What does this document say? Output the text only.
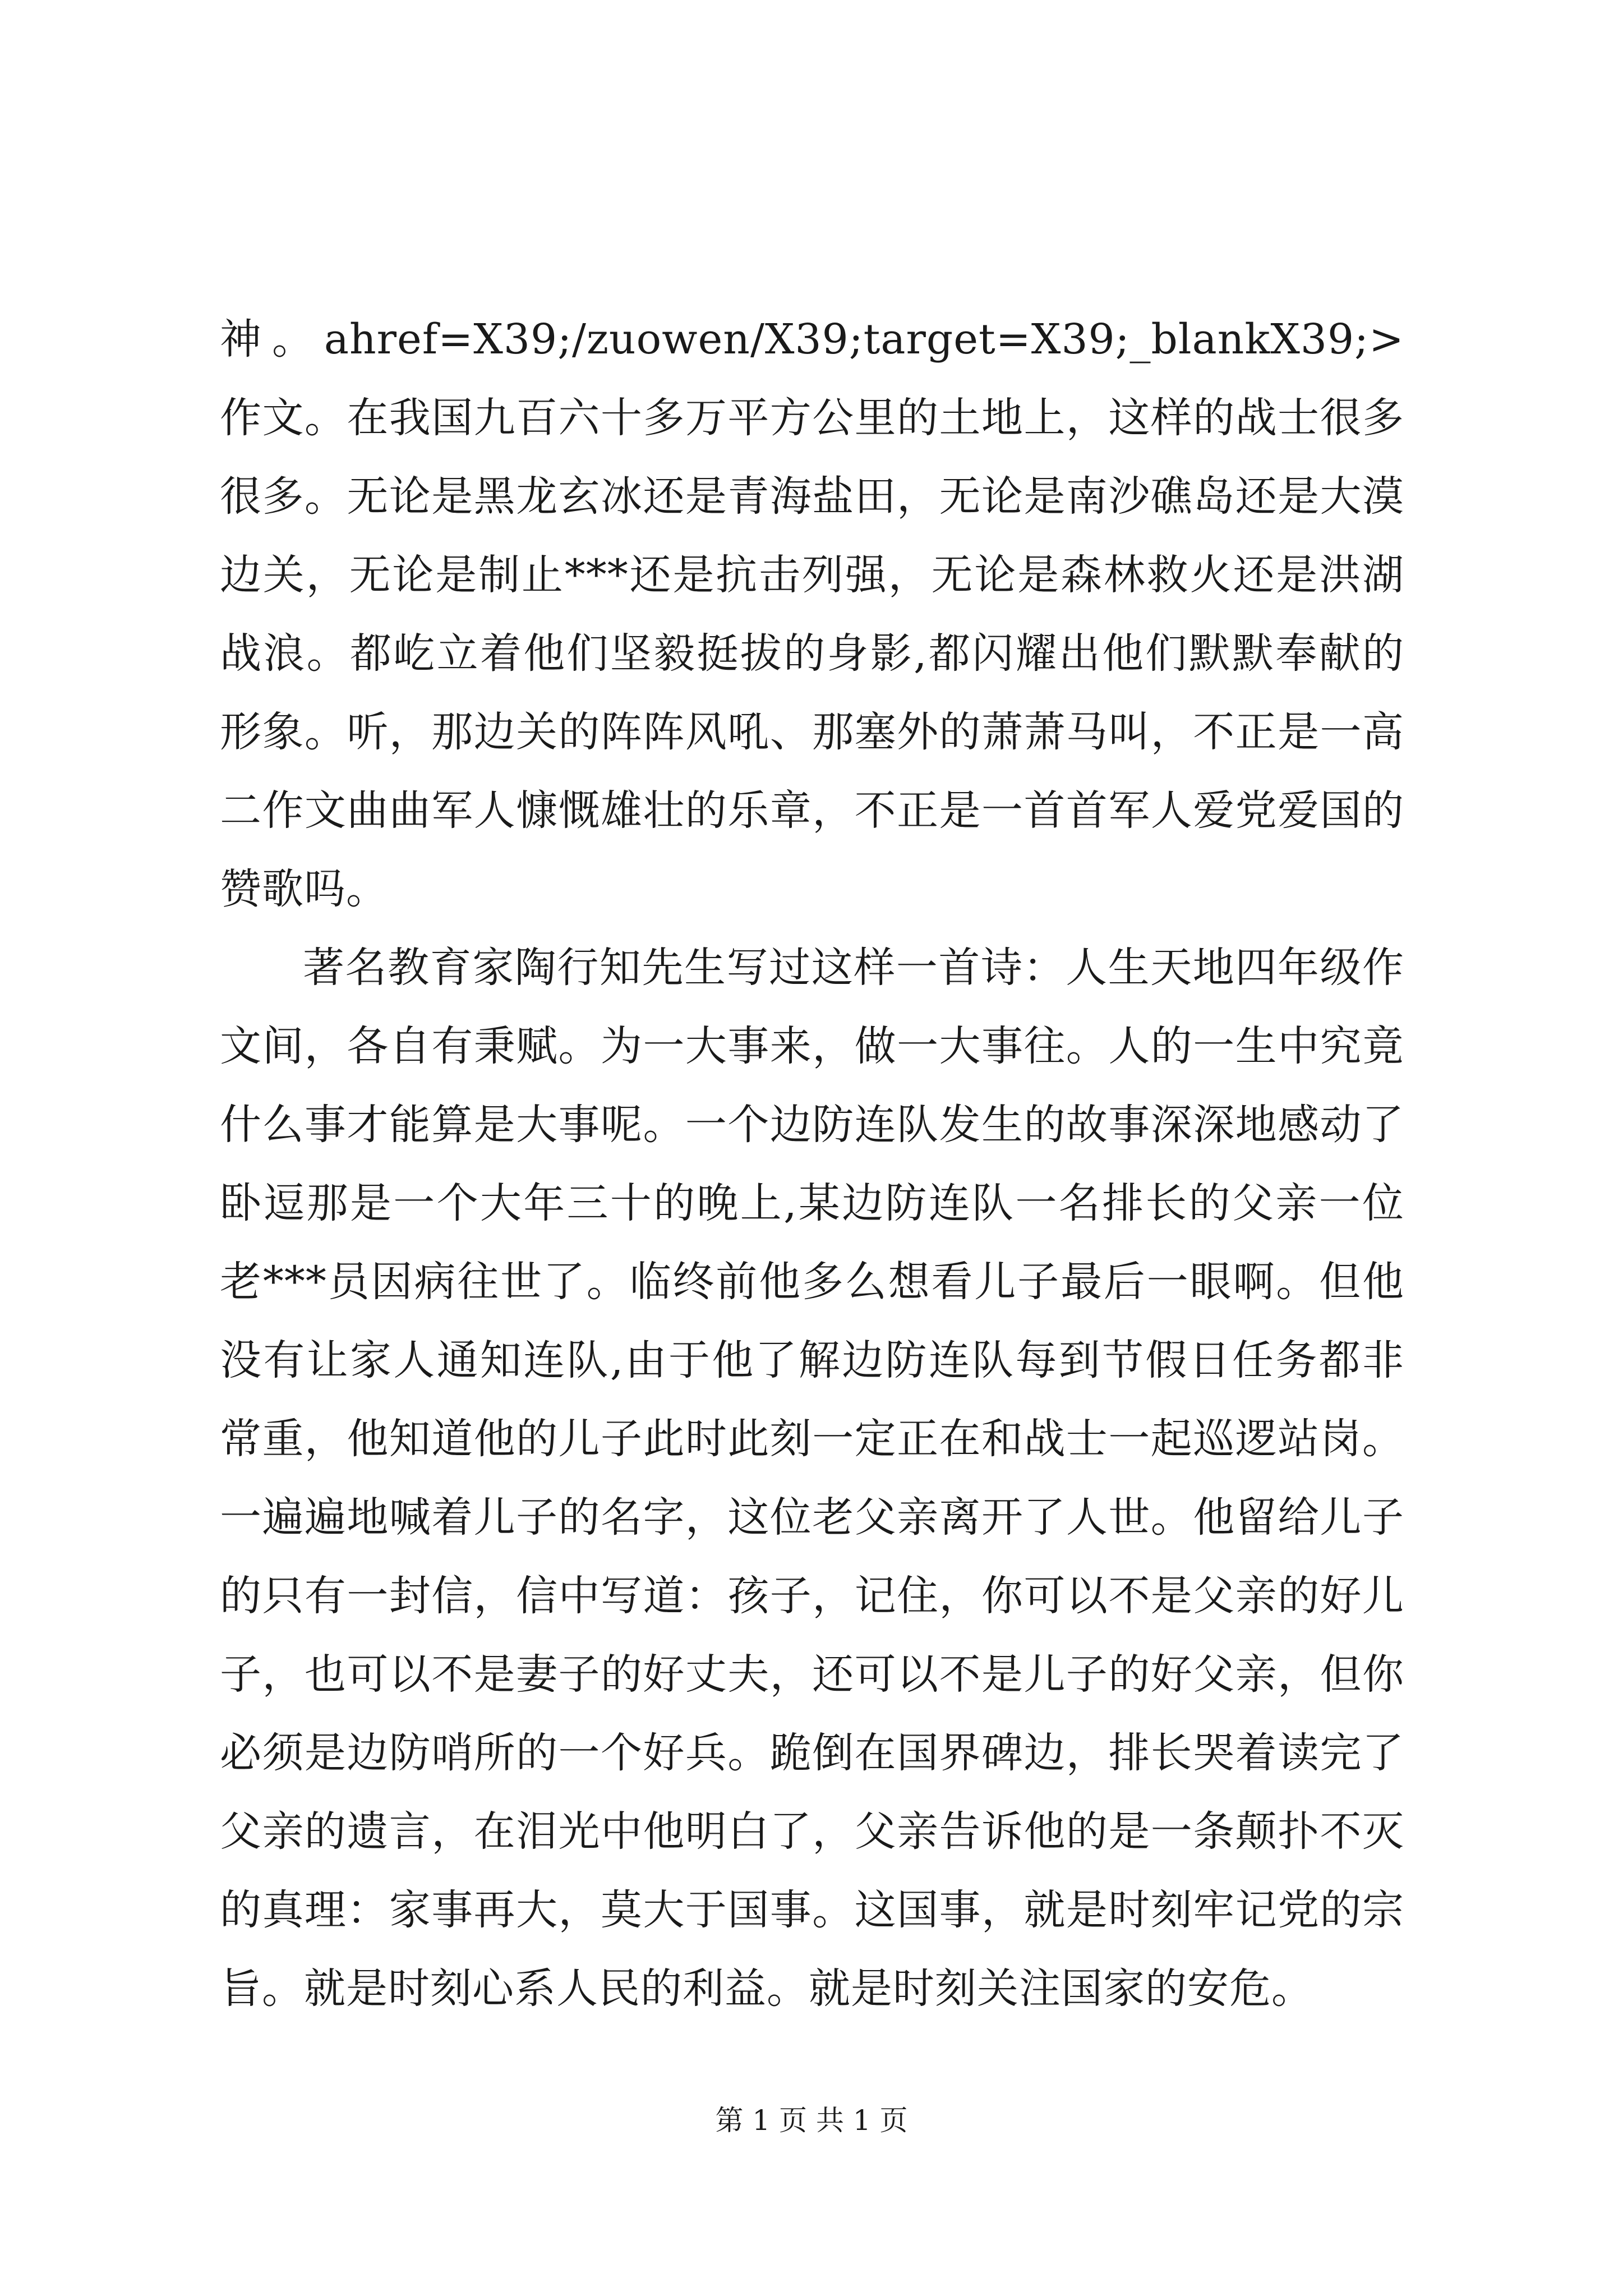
神。ahref=X39;/zuowen/X39;target=X39;_blankX39;>作文。在我国九百六十多万平方公里的土地上，这样的战士很多很多。无论是黑龙玄冰还是青海盐田，无论是南沙礁岛还是大漠边关，无论是制止***还是抗击列强，无论是森林救火还是洪湖战浪。都屹立着他们坚毅挺拔的身影,都闪耀出他们默默奉献的形象。听，那边关的阵阵风吼、那塞外的萧萧马叫，不正是一高二作文曲曲军人慷慨雄壮的乐章，不正是一首首军人爱党爱国的赞歌吗。

著名教育家陶行知先生写过这样一首诗：人生天地四年级作文间，各自有秉赋。为一大事来，做一大事往。人的一生中究竟什么事才能算是大事呢。一个边防连队发生的故事深深地感动了卧逗那是一个大年三十的晚上,某边防连队一名排长的父亲一位老***员因病往世了。临终前他多么想看儿子最后一眼啊。但他没有让家人通知连队,由于他了解边防连队每到节假日任务都非常重，他知道他的儿子此时此刻一定正在和战士一起巡逻站岗。一遍遍地喊着儿子的名字，这位老父亲离开了人世。他留给儿子的只有一封信，信中写道：孩子，记住，你可以不是父亲的好儿子，也可以不是妻子的好丈夫，还可以不是儿子的好父亲，但你必须是边防哨所的一个好兵。跪倒在国界碑边，排长哭着读完了父亲的遗言，在泪光中他明白了，父亲告诉他的是一条颠扑不灭的真理：家事再大，莫大于国事。这国事，就是时刻牢记党的宗旨。就是时刻心系人民的利益。就是时刻关注国家的安危。

第 1 页 共 1 页
